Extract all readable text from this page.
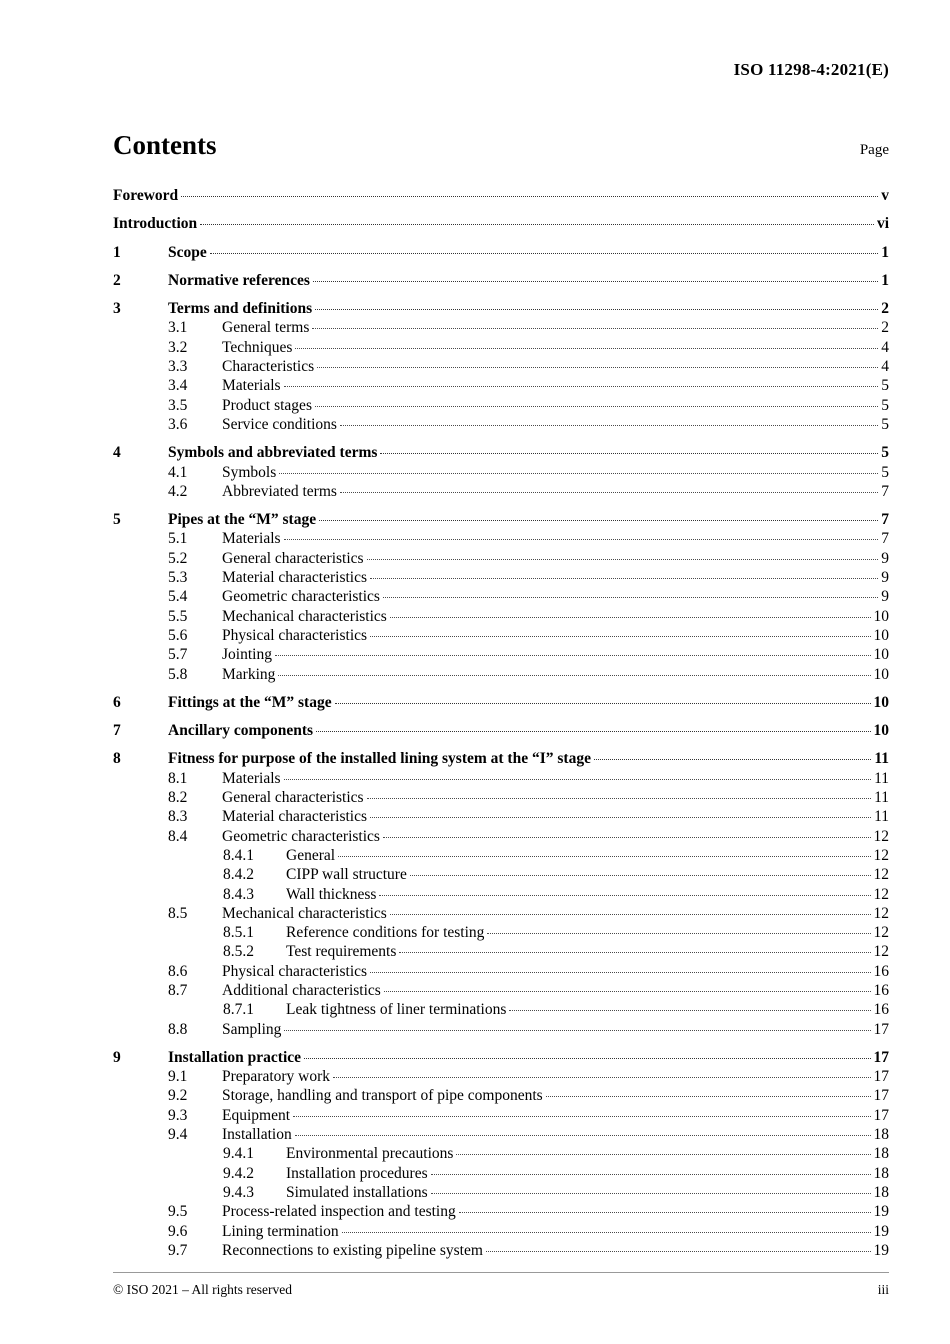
ISO 11298-4:2021(E)
Contents	Page
Foreword	v
Introduction	vi
1	Scope	1
2	Normative references	1
3	Terms and definitions	2
3.1	General terms	2
3.2	Techniques	4
3.3	Characteristics	4
3.4	Materials	5
3.5	Product stages	5
3.6	Service conditions	5
4	Symbols and abbreviated terms	5
4.1	Symbols	5
4.2	Abbreviated terms	7
5	Pipes at the “M” stage	7
5.1	Materials	7
5.2	General characteristics	9
5.3	Material characteristics	9
5.4	Geometric characteristics	9
5.5	Mechanical characteristics	10
5.6	Physical characteristics	10
5.7	Jointing	10
5.8	Marking	10
6	Fittings at the “M” stage	10
7	Ancillary components	10
8	Fitness for purpose of the installed lining system at the “I” stage	11
8.1	Materials	11
8.2	General characteristics	11
8.3	Material characteristics	11
8.4	Geometric characteristics	12
8.4.1	General	12
8.4.2	CIPP wall structure	12
8.4.3	Wall thickness	12
8.5	Mechanical characteristics	12
8.5.1	Reference conditions for testing	12
8.5.2	Test requirements	12
8.6	Physical characteristics	16
8.7	Additional characteristics	16
8.7.1	Leak tightness of liner terminations	16
8.8	Sampling	17
9	Installation practice	17
9.1	Preparatory work	17
9.2	Storage, handling and transport of pipe components	17
9.3	Equipment	17
9.4	Installation	18
9.4.1	Environmental precautions	18
9.4.2	Installation procedures	18
9.4.3	Simulated installations	18
9.5	Process-related inspection and testing	19
9.6	Lining termination	19
9.7	Reconnections to existing pipeline system	19
© ISO 2021 – All rights reserved	iii
